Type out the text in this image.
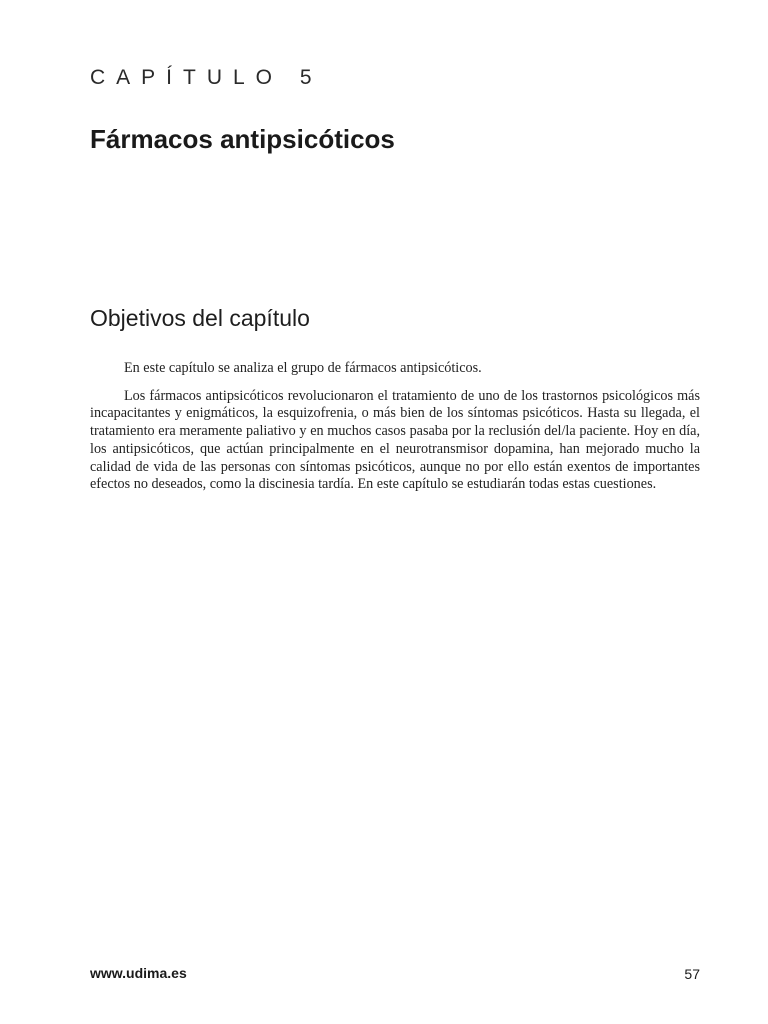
CAPÍTULO 5
Fármacos antipsicóticos
Objetivos del capítulo

En este capítulo se analiza el grupo de fármacos antipsicóticos.

Los fármacos antipsicóticos revolucionaron el tratamiento de uno de los trastornos psicológicos más incapacitantes y enigmáticos, la esquizofrenia, o más bien de los síntomas psicóticos. Hasta su llegada, el tratamiento era meramente paliativo y en muchos casos pasaba por la reclusión del/la paciente. Hoy en día, los antipsicóticos, que actúan principalmente en el neurotransmisor dopamina, han mejorado mucho la calidad de vida de las personas con síntomas psicóticos, aunque no por ello están exentos de importantes efectos no deseados, como la discinesia tardía. En este capítulo se estudiarán todas estas cuestiones.

www.udima.es	57
